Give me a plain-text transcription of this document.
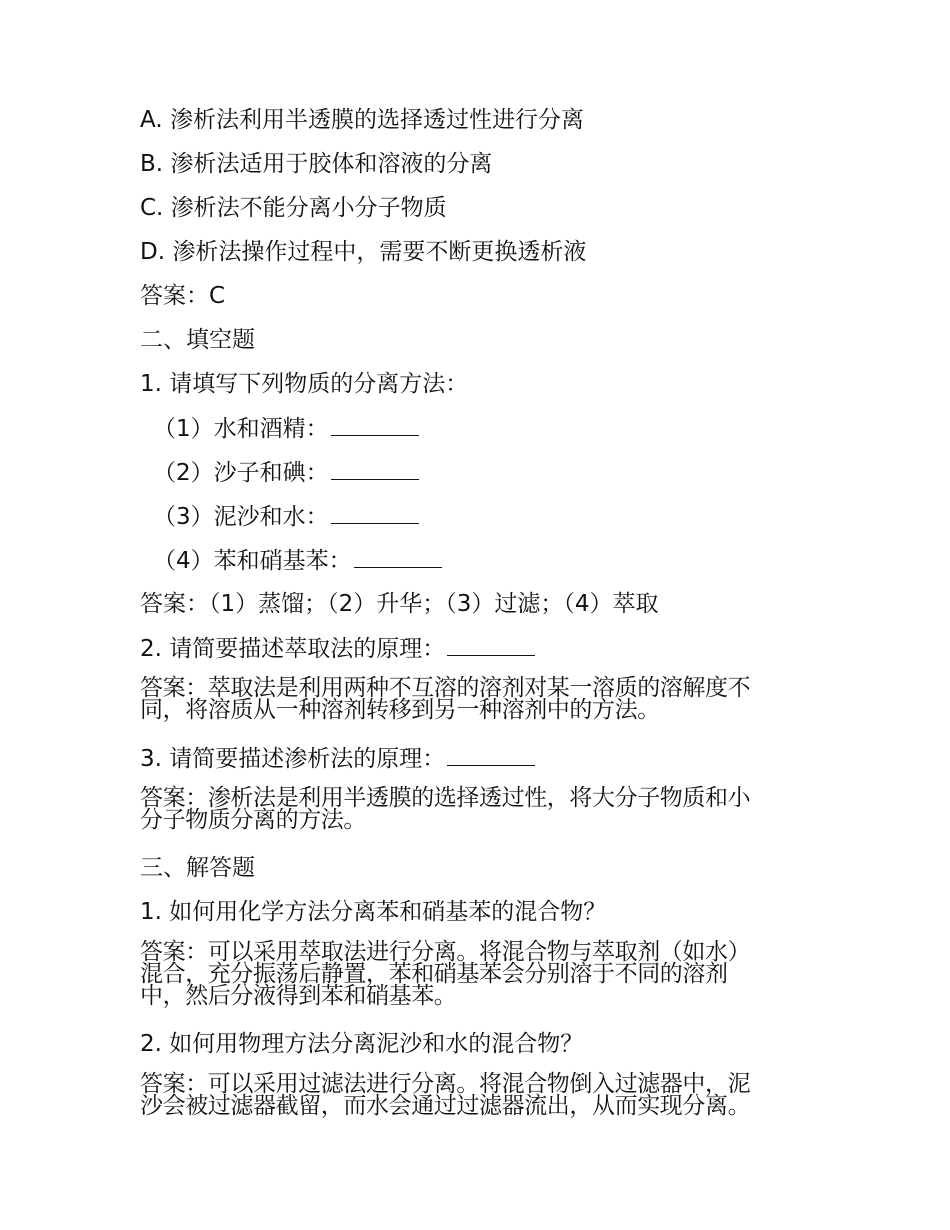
A. 渗析法利用半透膜的选择透过性进行分离
B. 渗析法适用于胶体和溶液的分离
C. 渗析法不能分离小分子物质
D. 渗析法操作过程中，需要不断更换透析液
答案：C
二、填空题
1. 请填写下列物质的分离方法：
（1）水和酒精：
（2）沙子和碘：
（3）泥沙和水：
（4）苯和硝基苯：
答案：（1）蒸馏；（2）升华；（3）过滤；（4）萃取
2. 请简要描述萃取法的原理：
答案：萃取法是利用两种不互溶的溶剂对某一溶质的溶解度不
同，将溶质从一种溶剂转移到另一种溶剂中的方法。
3. 请简要描述渗析法的原理：
答案：渗析法是利用半透膜的选择透过性，将大分子物质和小
分子物质分离的方法。
三、解答题
1. 如何用化学方法分离苯和硝基苯的混合物？
答案：可以采用萃取法进行分离。将混合物与萃取剂（如水）
混合，充分振荡后静置，苯和硝基苯会分别溶于不同的溶剂
中，然后分液得到苯和硝基苯。
2. 如何用物理方法分离泥沙和水的混合物？
答案：可以采用过滤法进行分离。将混合物倒入过滤器中，泥
沙会被过滤器截留，而水会通过过滤器流出，从而实现分离。
